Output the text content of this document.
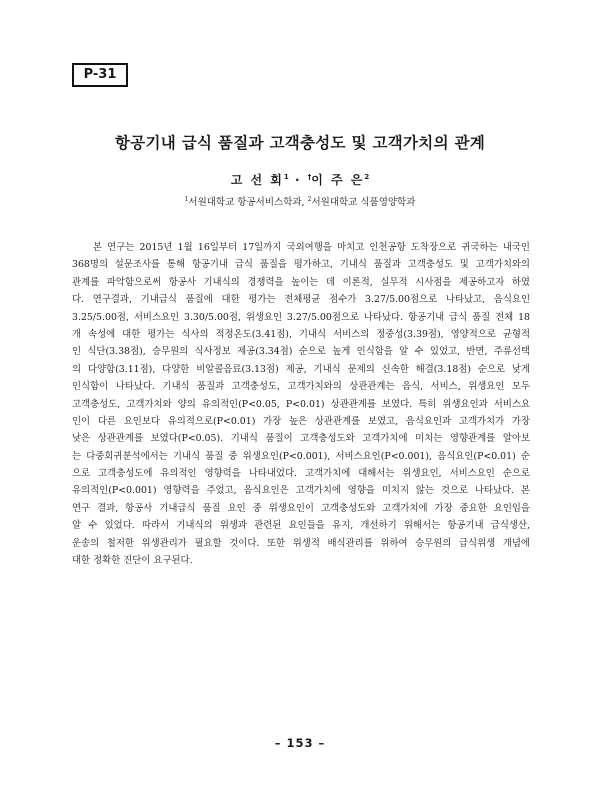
P-31
항공기내 급식 품질과 고객충성도 및 고객가치의 관계
고 선 회$^1$ · †이 주 은$^2$
$^1$서원대학교 항공서비스학과, $^2$서원대학교 식품영양학과
본 연구는 2015년 1월 16일부터 17일까지 국외여행을 마치고 인천공항 도착장으로 귀국하는 내국인
368명의 설문조사를 통해 항공기내 급식 품질을 평가하고, 기내식 품질과 고객충성도 및 고객가치와의
관계를 파악함으로써 항공사 기내식의 경쟁력을 높이는 데 이론적, 실무적 시사점을 제공하고자 하였
다. 연구결과, 기내급식 품질에 대한 평가는 전체평균 점수가 3.27/5.00점으로 나타났고, 음식요인
3.25/5.00점, 서비스요인 3.30/5.00점, 위생요인 3.27/5.00점으로 나타났다. 항공기내 급식 품질 전체 18
개 속성에 대한 평가는 식사의 적정온도(3.41점), 기내식 서비스의 정중성(3.39점), 영양적으로 균형적
인 식단(3.38점), 승무원의 식사정보 제공(3.34점) 순으로 높게 인식함을 알 수 있었고, 반면, 주류선택
의 다양함(3.11점), 다양한 비알콜음료(3.13점) 제공, 기내식 문제의 신속한 해결(3.18점) 순으로 낮게
인식함이 나타났다. 기내식 품질과 고객충성도, 고객가치와의 상관관계는 음식, 서비스, 위생요인 모두
고객충성도, 고객가치와 양의 유의적인(P<0.05, P<0.01) 상관관계를 보였다. 특히 위생요인과 서비스요
인이 다른 요인보다 유의적으로(P<0.01) 가장 높은 상관관계를 보였고, 음식요인과 고객가치가 가장
낮은 상관관계를 보였다(P<0.05). 기내식 품질이 고객충성도와 고객가치에 미치는 영향관계를 알아보
는 다중회귀분석에서는 기내식 품질 중 위생요인(P<0.001), 서비스요인(P<0.001), 음식요인(P<0.01) 순
으로 고객충성도에 유의적인 영향력을 나타내었다. 고객가치에 대해서는 위생요인, 서비스요인 순으로
유의적인(P<0.001) 영향력을 주었고, 음식요인은 고객가치에 영향을 미치지 않는 것으로 나타났다. 본
연구 결과, 항공사 기내급식 품질 요인 중 위생요인이 고객충성도와 고객가치에 가장 중요한 요인임을
알 수 있었다. 따라서 기내식의 위생과 관련된 요인들을 유지, 개선하기 위해서는 항공기내 급식생산,
운송의 철저한 위생관리가 필요할 것이다. 또한 위생적 배식관리를 위하여 승무원의 급식위생 개념에
대한 정확한 진단이 요구된다.
– 153 –
